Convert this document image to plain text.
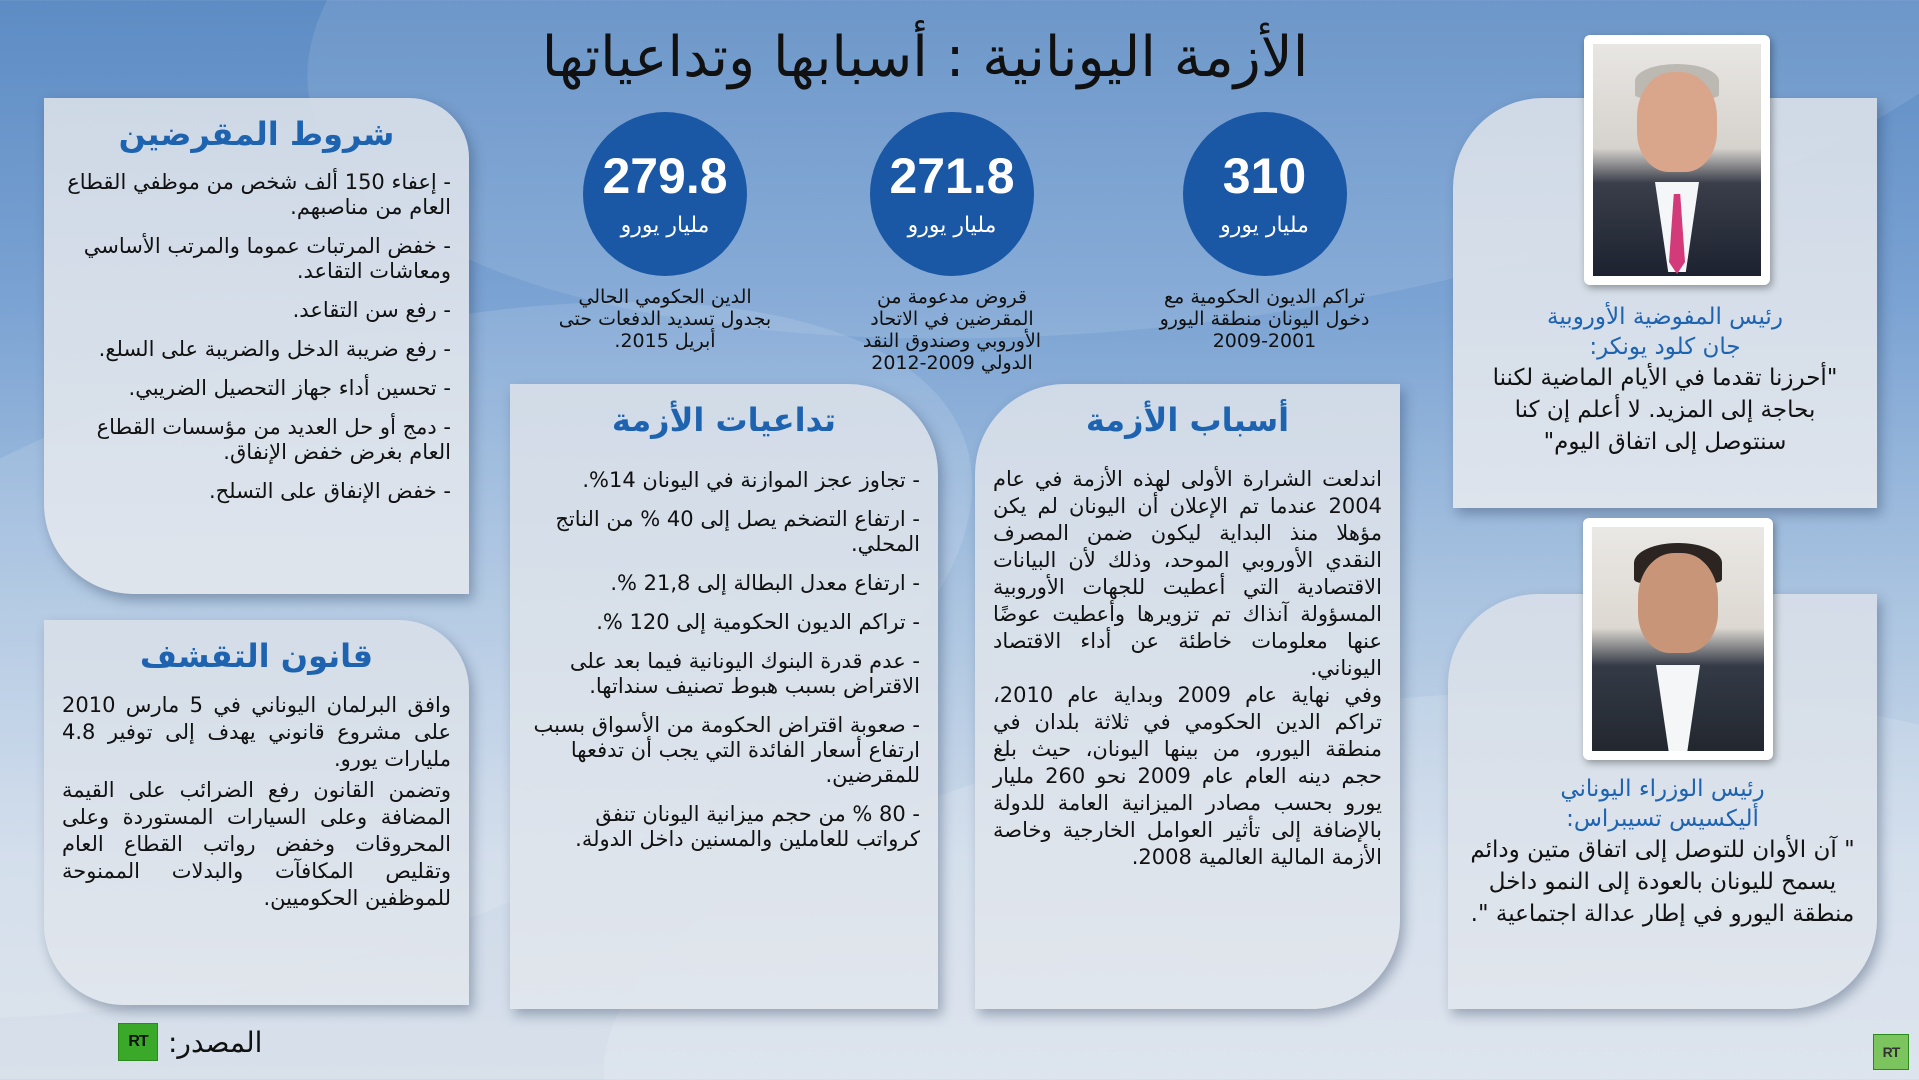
الأزمة اليونانية : أسبابها وتداعياتها
310
مليار يورو
تراكم الديون الحكومية مع دخول اليونان منطقة اليورو 2001-2009
271.8
مليار يورو
قروض مدعومة من المقرضين في الاتحاد الأوروبي وصندوق النقد الدولي 2009-2012
279.8
مليار يورو
الدين الحكومي الحالي بجدول تسديد الدفعات حتى أبريل 2015.
شروط المقرضين
- إعفاء 150 ألف شخص من موظفي القطاع العام من مناصبهم.
- خفض المرتبات عموما والمرتب الأساسي ومعاشات التقاعد.
- رفع سن التقاعد.
- رفع ضريبة الدخل والضريبة على السلع.
- تحسين أداء جهاز التحصيل الضريبي.
- دمج أو حل العديد من مؤسسات القطاع العام بغرض خفض الإنفاق.
- خفض الإنفاق على التسلح.
قانون التقشف

وافق البرلمان اليوناني في 5 مارس 2010 على مشروع قانوني يهدف إلى توفير 4.8 مليارات يورو.

وتضمن القانون رفع الضرائب على القيمة المضافة وعلى السيارات المستوردة وعلى المحروقات وخفض رواتب القطاع العام وتقليص المكافآت والبدلات الممنوحة للموظفين الحكوميين.

تداعيات الأزمة
- تجاوز عجز الموازنة في اليونان 14%.
- ارتفاع التضخم يصل إلى 40 % من الناتج المحلي.
- ارتفاع معدل البطالة إلى 21,8 %.
- تراكم الديون الحكومية إلى 120 %.
- عدم قدرة البنوك اليونانية فيما بعد على الاقتراض بسبب هبوط تصنيف سنداتها.
- صعوبة اقتراض الحكومة من الأسواق بسبب ارتفاع أسعار الفائدة التي يجب أن تدفعها للمقرضين.
- 80 % من حجم ميزانية اليونان تنفق كرواتب للعاملين والمسنين داخل الدولة.
أسباب الأزمة

اندلعت الشرارة الأولى لهذه الأزمة في عام 2004 عندما تم الإعلان أن اليونان لم يكن مؤهلا منذ البداية ليكون ضمن المصرف النقدي الأوروبي الموحد، وذلك لأن البيانات الاقتصادية التي أعطيت للجهات الأوروبية المسؤولة آنذاك تم تزويرها وأعطيت عوضًا عنها معلومات خاطئة عن أداء الاقتصاد اليوناني.

وفي نهاية عام 2009 وبداية عام 2010، تراكم الدين الحكومي في ثلاثة بلدان في منطقة اليورو، من بينها اليونان، حيث بلغ حجم دينه العام عام 2009 نحو 260 مليار يورو بحسب مصادر الميزانية العامة للدولة بالإضافة إلى تأثير العوامل الخارجية وخاصة الأزمة المالية العالمية 2008.

رئيس المفوضية الأوروبية
جان كلود يونكر:
"أحرزنا تقدما في الأيام الماضية لكننا بحاجة إلى المزيد. لا أعلم إن كنا سنتوصل إلى اتفاق اليوم"
رئيس الوزراء اليوناني
أليكسيس تسيبراس:
" آن الأوان للتوصل إلى اتفاق متين ودائم يسمح لليونان بالعودة إلى النمو داخل منطقة اليورو في إطار عدالة اجتماعية ".
المصدر:
RT
RT
